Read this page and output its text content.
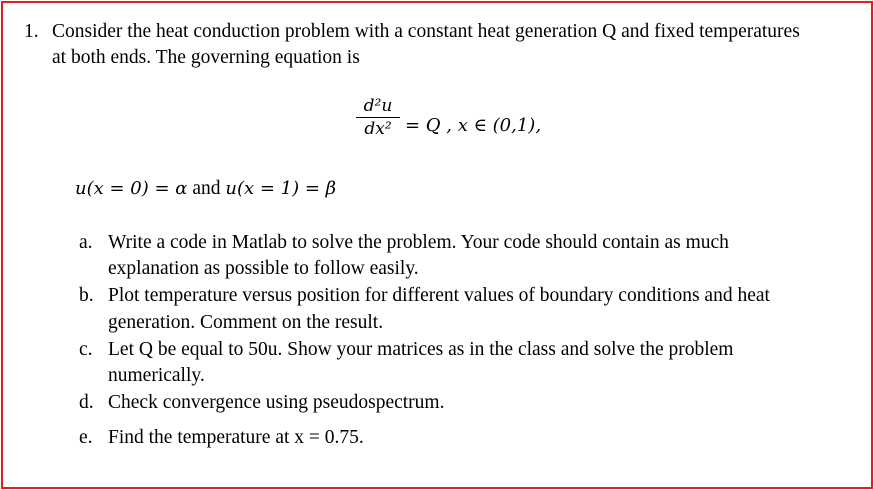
1. Consider the heat conduction problem with a constant heat generation Q and fixed temperatures
at both ends. The governing equation is
d²u
dx² = Q , x ∈ (0,1),
u(x = 0) = α and u(x = 1) = β
a. Write a code in Matlab to solve the problem. Your code should contain as much
explanation as possible to follow easily.
b. Plot temperature versus position for different values of boundary conditions and heat
generation. Comment on the result.
c. Let Q be equal to 50u. Show your matrices as in the class and solve the problem
numerically.
d. Check convergence using pseudospectrum.
e. Find the temperature at x = 0.75.
